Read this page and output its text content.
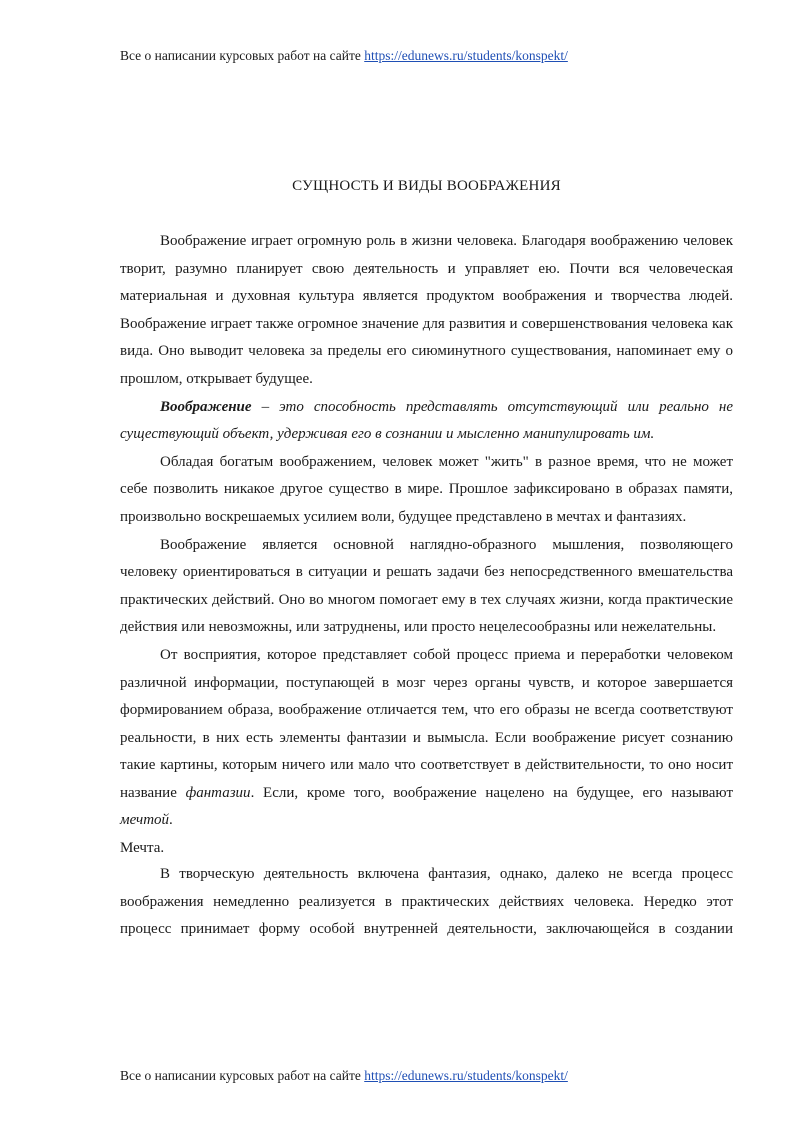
Все о написании курсовых работ на сайте https://edunews.ru/students/konspekt/
СУЩНОСТЬ И ВИДЫ ВООБРАЖЕНИЯ

Воображение играет огромную роль в жизни человека. Благодаря воображению человек творит, разумно планирует свою деятельность и управляет ею. Почти вся человеческая материальная и духовная культура является продуктом воображения и творчества людей. Воображение играет также огромное значение для развития и совершенствования человека как вида. Оно выводит человека за пределы его сиюминутного существования, напоминает ему о прошлом, открывает будущее.

Воображение – это способность представлять отсутствующий или реально не существующий объект, удерживая его в сознании и мысленно манипулировать им.

Обладая богатым воображением, человек может "жить" в разное время, что не может себе позволить никакое другое существо в мире. Прошлое зафиксировано в образах памяти, произвольно воскрешаемых усилием воли, будущее представлено в мечтах и фантазиях.

Воображение является основной наглядно-образного мышления, позволяющего человеку ориентироваться в ситуации и решать задачи без непосредственного вмешательства практических действий. Оно во многом помогает ему в тех случаях жизни, когда практические действия или невозможны, или затруднены, или просто нецелесообразны или нежелательны.

От восприятия, которое представляет собой процесс приема и переработки человеком различной информации, поступающей в мозг через органы чувств, и которое завершается формированием образа, воображение отличается тем, что его образы не всегда соответствуют реальности, в них есть элементы фантазии и вымысла. Если воображение рисует сознанию такие картины, которым ничего или мало что соответствует в действительности, то оно носит название фантазии. Если, кроме того, воображение нацелено на будущее, его называют мечтой.

Мечта.

В творческую деятельность включена фантазия, однако, далеко не всегда процесс воображения немедленно реализуется в практических действиях человека. Нередко этот процесс принимает форму особой внутренней деятельности, заключающейся в создании

Все о написании курсовых работ на сайте https://edunews.ru/students/konspekt/
